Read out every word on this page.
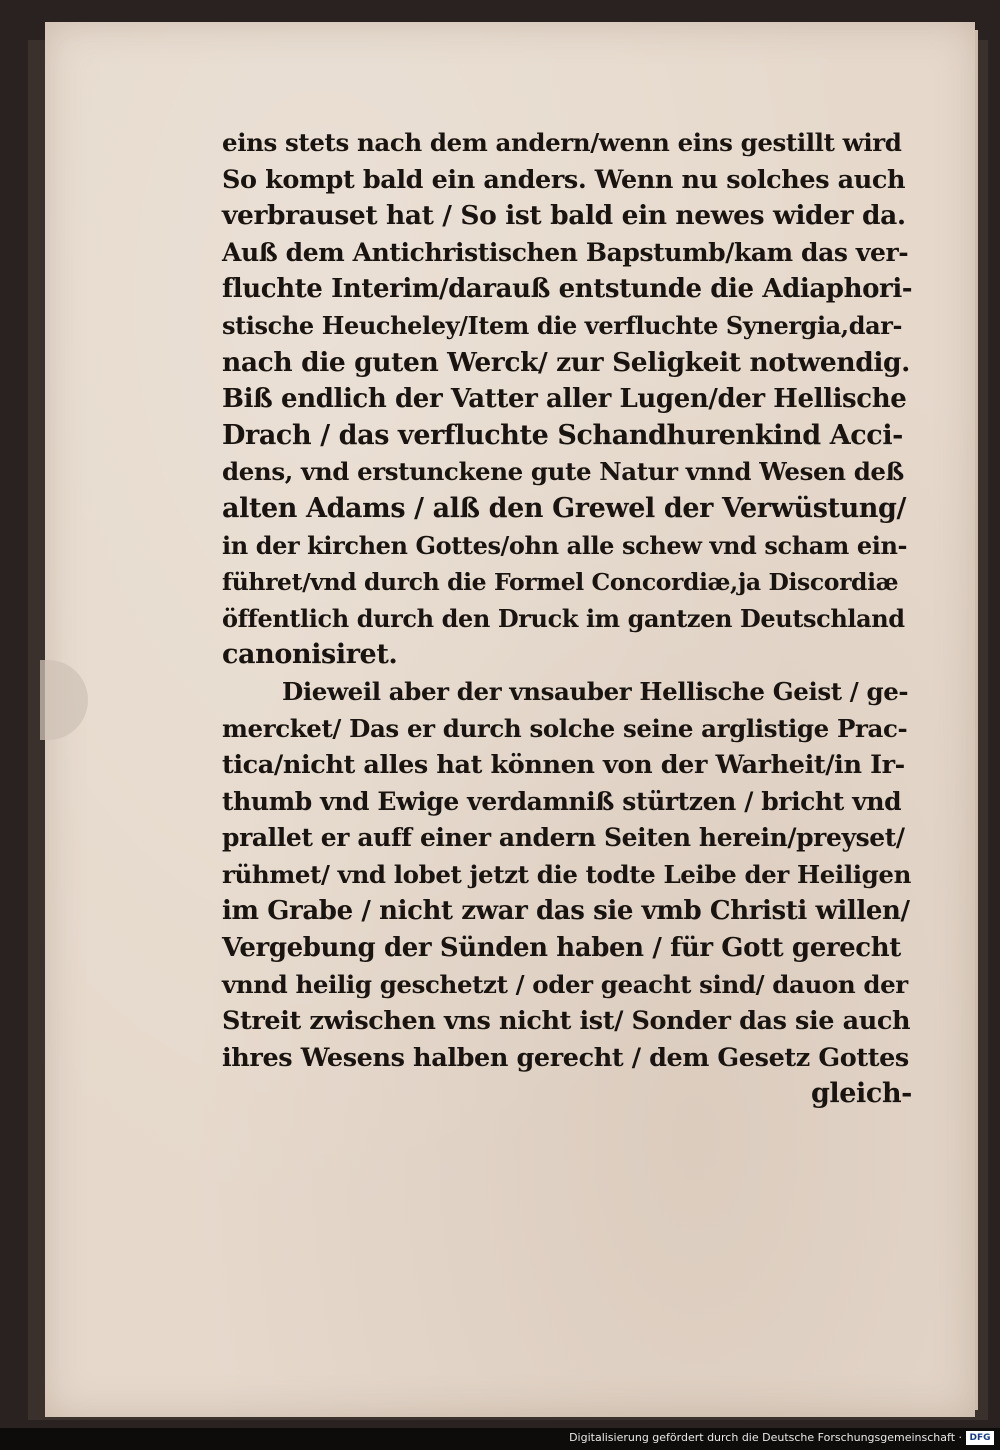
eins stets nach dem andern/wenn eins gestillt wird
So kompt bald ein anders. Wenn nu solches auch
verbrauset hat / So ist bald ein newes wider da.
Auß dem Antichristischen Bapstumb/kam das ver-
fluchte Interim/darauß entstunde die Adiaphori-
stische Heucheley/Item die verfluchte Synergia,dar-
nach die guten Werck/ zur Seligkeit notwendig.
Biß endlich der Vatter aller Lugen/der Hellische
Drach / das verfluchte Schandhurenkind Acci-
dens, vnd erstunckene gute Natur vnnd Wesen deß
alten Adams / alß den Grewel der Verwüstung/
in der kirchen Gottes/ohn alle schew vnd scham ein-
führet/vnd durch die Formel Concordiæ,ja Discordiæ
öffentlich durch den Druck im gantzen Deutschland
canonisiret.
Dieweil aber der vnsauber Hellische Geist / ge-
mercket/ Das er durch solche seine arglistige Prac-
tica/nicht alles hat können von der Warheit/in Ir-
thumb vnd Ewige verdamniß stürtzen / bricht vnd
prallet er auff einer andern Seiten herein/preyset/
rühmet/ vnd lobet jetzt die todte Leibe der Heiligen
im Grabe / nicht zwar das sie vmb Christi willen/
Vergebung der Sünden haben / für Gott gerecht
vnnd heilig geschetzt / oder geacht sind/ dauon der
Streit zwischen vns nicht ist/ Sonder das sie auch
ihres Wesens halben gerecht / dem Gesetz Gottes
gleich-
Digitalisierung gefördert durch die Deutsche Forschungsgemeinschaft · DFG
